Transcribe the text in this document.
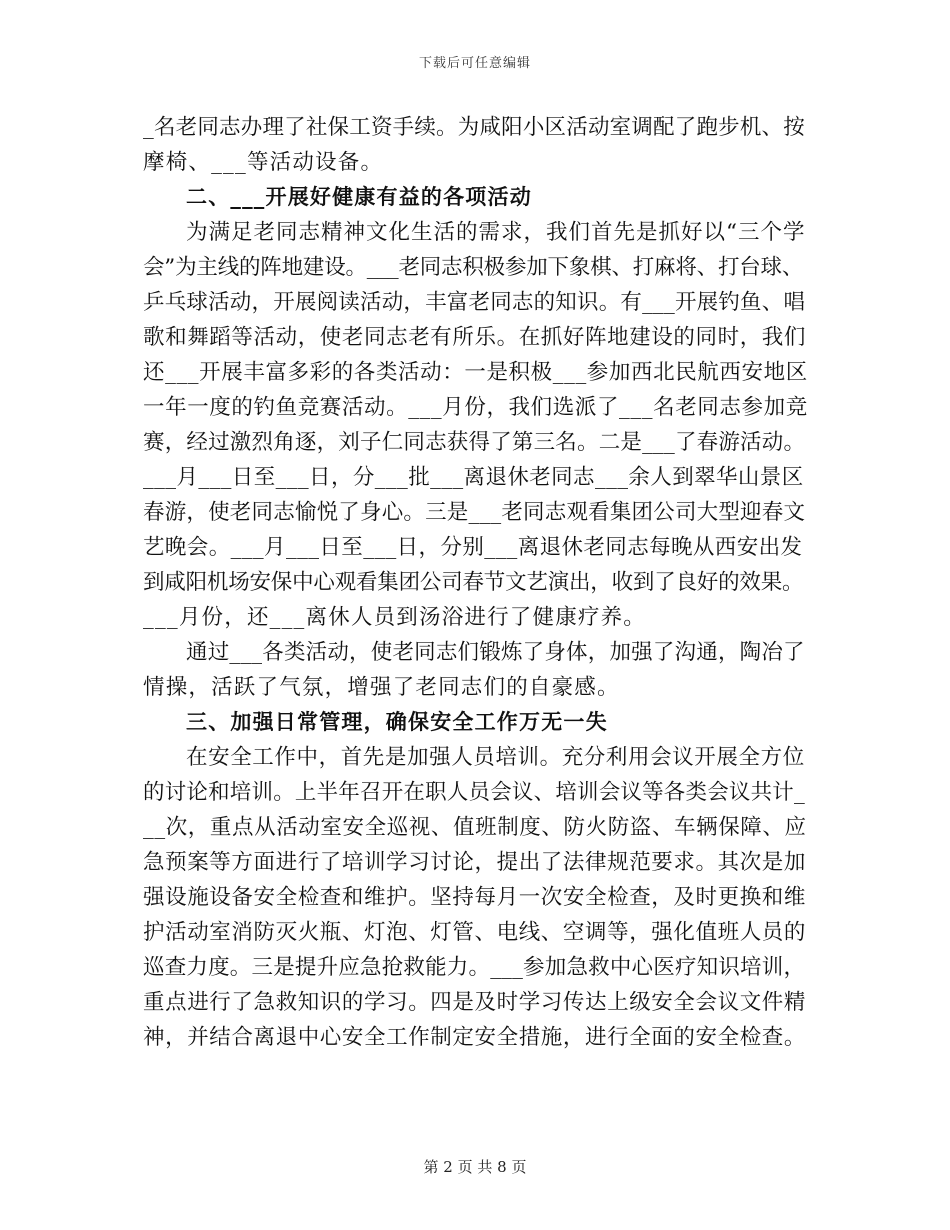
下载后可任意编辑
_名老同志办理了社保工资手续。为咸阳小区活动室调配了跑步机、按
摩椅、___等活动设备。
二、___开展好健康有益的各项活动
为满足老同志精神文化生活的需求，我们首先是抓好以“三个学
会”为主线的阵地建设。___老同志积极参加下象棋、打麻将、打台球、
乒乓球活动，开展阅读活动，丰富老同志的知识。有___开展钓鱼、唱
歌和舞蹈等活动，使老同志老有所乐。在抓好阵地建设的同时，我们
还___开展丰富多彩的各类活动：一是积极___参加西北民航西安地区
一年一度的钓鱼竞赛活动。___月份，我们选派了___名老同志参加竞
赛，经过激烈角逐，刘子仁同志获得了第三名。二是___了春游活动。
___月___日至___日，分___批___离退休老同志___余人到翠华山景区
春游，使老同志愉悦了身心。三是___老同志观看集团公司大型迎春文
艺晚会。___月___日至___日，分别___离退休老同志每晚从西安出发
到咸阳机场安保中心观看集团公司春节文艺演出，收到了良好的效果。
___月份，还___离休人员到汤浴进行了健康疗养。
通过___各类活动，使老同志们锻炼了身体，加强了沟通，陶冶了
情操，活跃了气氛，增强了老同志们的自豪感。
三、加强日常管理，确保安全工作万无一失
在安全工作中，首先是加强人员培训。充分利用会议开展全方位
的讨论和培训。上半年召开在职人员会议、培训会议等各类会议共计_
__次，重点从活动室安全巡视、值班制度、防火防盗、车辆保障、应
急预案等方面进行了培训学习讨论，提出了法律规范要求。其次是加
强设施设备安全检查和维护。坚持每月一次安全检查，及时更换和维
护活动室消防灭火瓶、灯泡、灯管、电线、空调等，强化值班人员的
巡查力度。三是提升应急抢救能力。___参加急救中心医疗知识培训，
重点进行了急救知识的学习。四是及时学习传达上级安全会议文件精
神，并结合离退中心安全工作制定安全措施，进行全面的安全检查。
第 2 页 共 8 页
